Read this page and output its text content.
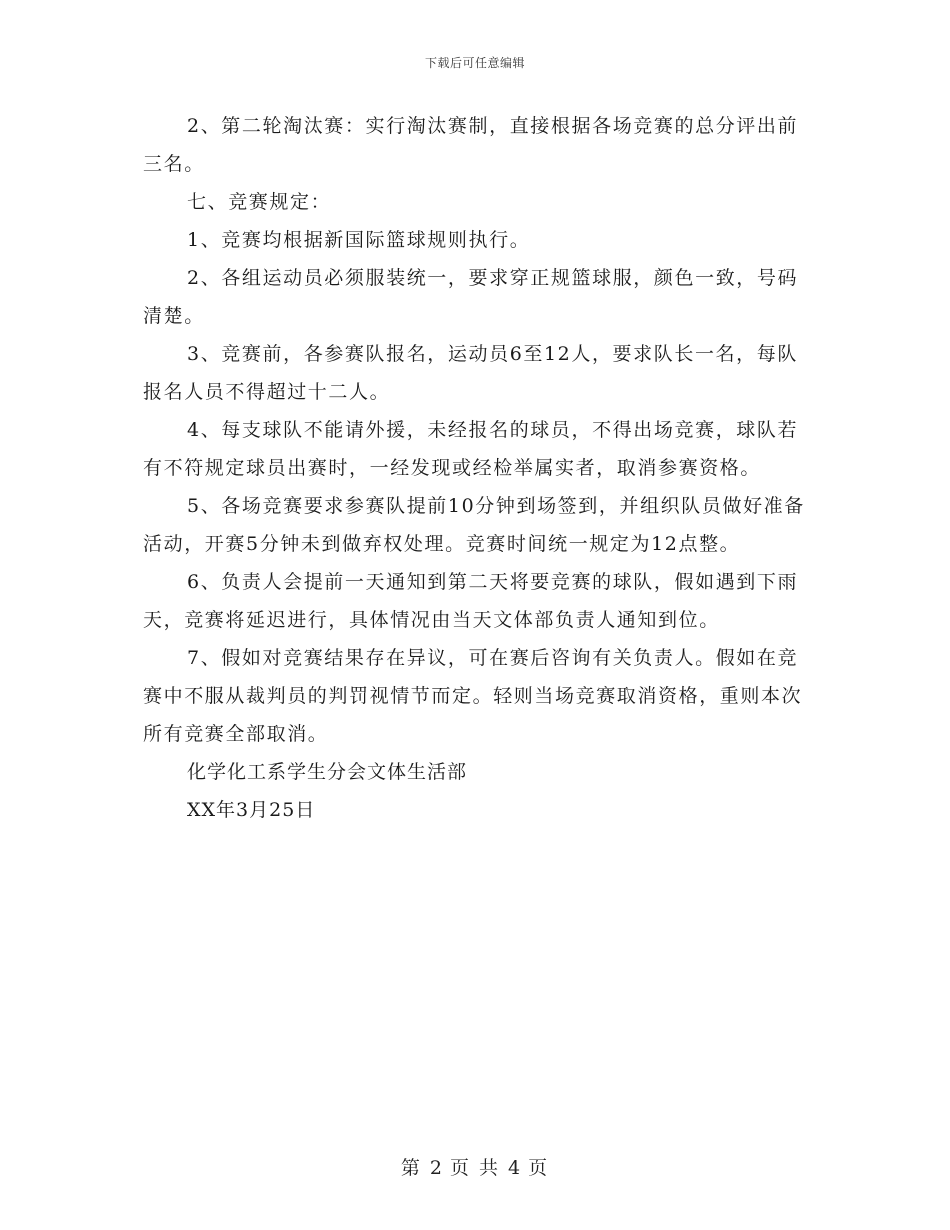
下载后可任意编辑

2、第二轮淘汰赛：实行淘汰赛制，直接根据各场竞赛的总分评出前三名。

七、竞赛规定：

1、竞赛均根据新国际篮球规则执行。

2、各组运动员必须服装统一，要求穿正规篮球服，颜色一致，号码清楚。

3、竞赛前，各参赛队报名，运动员6至12人，要求队长一名，每队报名人员不得超过十二人。

4、每支球队不能请外援，未经报名的球员，不得出场竞赛，球队若有不符规定球员出赛时，一经发现或经检举属实者，取消参赛资格。

5、各场竞赛要求参赛队提前10分钟到场签到，并组织队员做好准备活动，开赛5分钟未到做弃权处理。竞赛时间统一规定为12点整。

6、负责人会提前一天通知到第二天将要竞赛的球队，假如遇到下雨天，竞赛将延迟进行，具体情况由当天文体部负责人通知到位。

7、假如对竞赛结果存在异议，可在赛后咨询有关负责人。假如在竞赛中不服从裁判员的判罚视情节而定。轻则当场竞赛取消资格，重则本次所有竞赛全部取消。

化学化工系学生分会文体生活部

XX年3月25日

第 2 页 共 4 页
